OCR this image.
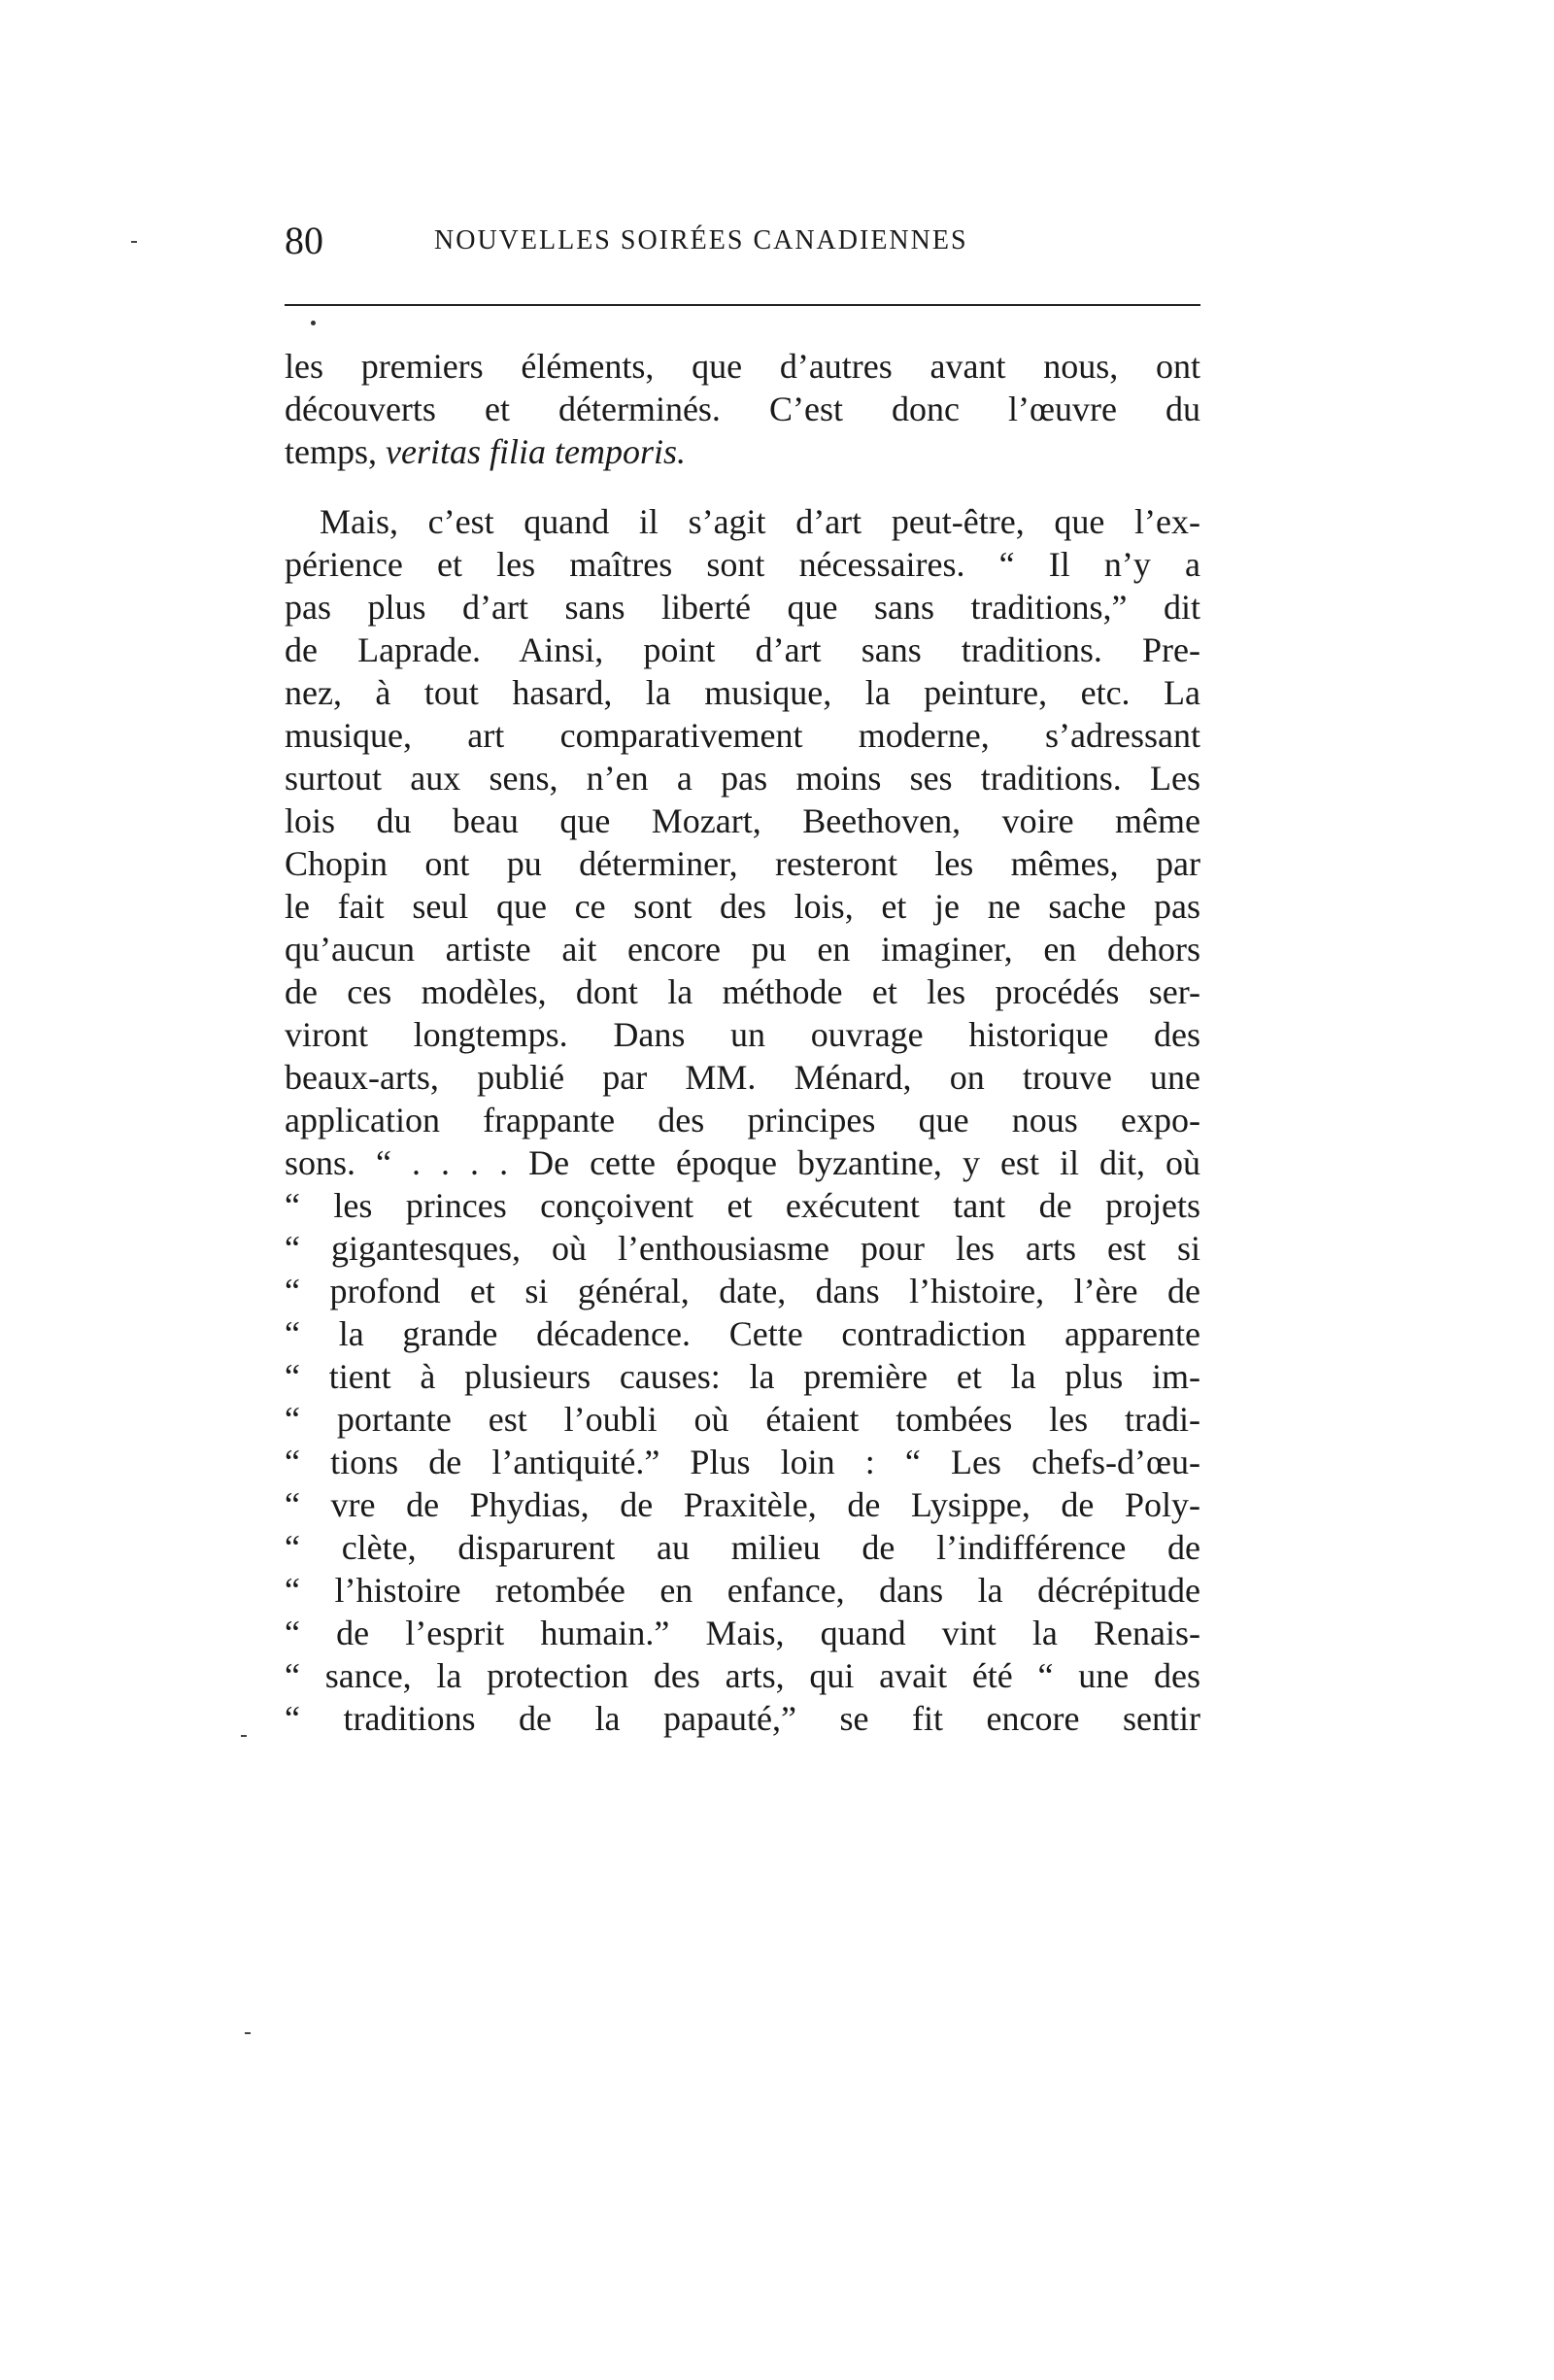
80	NOUVELLES SOIRÉES CANADIENNES
les premiers éléments, que d’autres avant nous, ont
découverts et déterminés. C’est donc l’œuvre du
temps, veritas filia temporis.
Mais, c’est quand il s’agit d’art peut-être, que l’ex-
périence et les maîtres sont nécessaires. “ Il n’y a
pas plus d’art sans liberté que sans traditions,” dit
de Laprade. Ainsi, point d’art sans traditions. Pre-
nez, à tout hasard, la musique, la peinture, etc. La
musique, art comparativement moderne, s’adressant
surtout aux sens, n’en a pas moins ses traditions. Les
lois du beau que Mozart, Beethoven, voire même
Chopin ont pu déterminer, resteront les mêmes, par
le fait seul que ce sont des lois, et je ne sache pas
qu’aucun artiste ait encore pu en imaginer, en dehors
de ces modèles, dont la méthode et les procédés ser-
viront longtemps. Dans un ouvrage historique des
beaux-arts, publié par MM. Ménard, on trouve une
application frappante des principes que nous expo-
sons. “ . . . . De cette époque byzantine, y est il dit, où
“ les princes conçoivent et exécutent tant de projets
“ gigantesques, où l’enthousiasme pour les arts est si
“ profond et si général, date, dans l’histoire, l’ère de
“ la grande décadence. Cette contradiction apparente
“ tient à plusieurs causes: la première et la plus im-
“ portante est l’oubli où étaient tombées les tradi-
“ tions de l’antiquité.” Plus loin : “ Les chefs-d’œu-
“ vre de Phydias, de Praxitèle, de Lysippe, de Poly-
“ clète, disparurent au milieu de l’indifférence de
“ l’histoire retombée en enfance, dans la décrépitude
“ de l’esprit humain.” Mais, quand vint la Renais-
“ sance, la protection des arts, qui avait été “ une des
“ traditions de la papauté,” se fit encore sentir
